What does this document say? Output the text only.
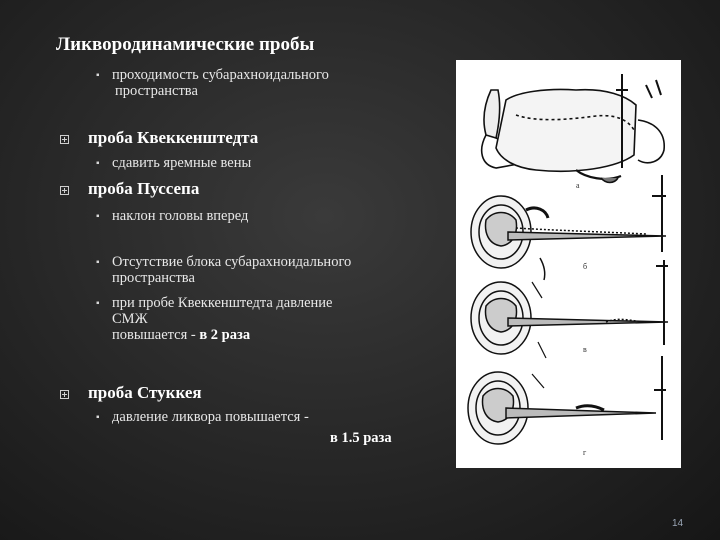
Ликвородинамические пробы
▪ проходимость субарахноидального
пространства
проба Квеккенштедта
▪ сдавить яремные вены
проба Пуссепа
▪ наклон головы вперед
▪ Отсутствие блока субарахноидального
пространства
▪ при пробе Квеккенштедта давление
СМЖ
повышается - в 2 раза
проба Стуккея
▪ давление ликвора повышается -
в 1.5 раза
а
б
в
г
14
